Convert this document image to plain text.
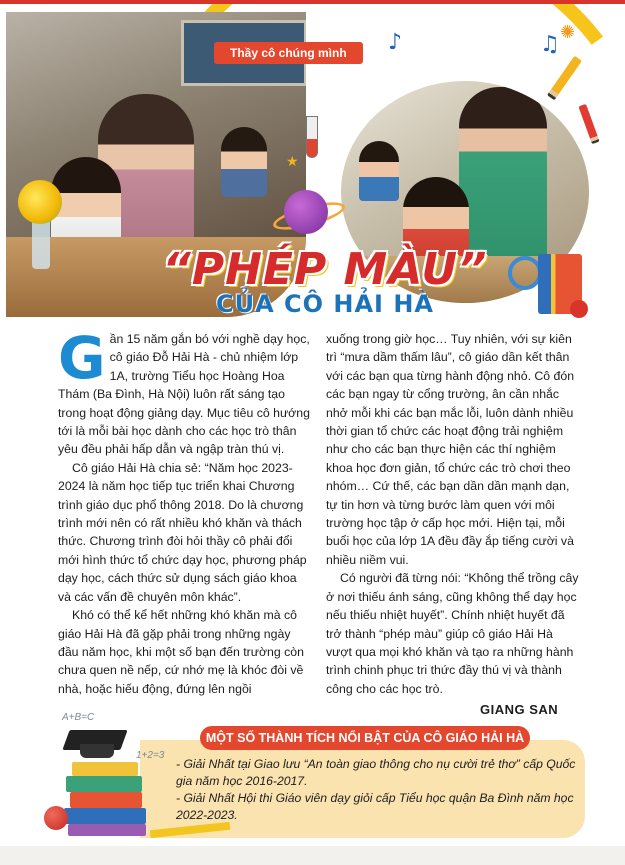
♪	♫ ✺
★
Thầy cô chúng mình
“PHÉP MÀU”
CỦA CÔ HẢI HÀ

Gần 15 năm gắn bó với nghề dạy học, cô giáo Đỗ Hải Hà - chủ nhiệm lớp 1A, trường Tiểu học Hoàng Hoa Thám (Ba Đình, Hà Nội) luôn rất sáng tạo trong hoạt động giảng dạy. Mục tiêu cô hướng tới là mỗi bài học dành cho các học trò thân yêu đều phải hấp dẫn và ngập tràn thú vị.

Cô giáo Hải Hà chia sẻ: “Năm học 2023-2024 là năm học tiếp tục triển khai Chương trình giáo dục phổ thông 2018. Do là chương trình mới nên có rất nhiều khó khăn và thách thức. Chương trình đòi hỏi thầy cô phải đổi mới hình thức tổ chức dạy học, phương pháp dạy học, cách thức sử dụng sách giáo khoa và các vấn đề chuyên môn khác”.

Khó có thể kể hết những khó khăn mà cô giáo Hải Hà đã gặp phải trong những ngày đầu năm học, khi một số bạn đến trường còn chưa quen nề nếp, cứ nhớ mẹ là khóc đòi về nhà, hoặc hiếu động, đứng lên ngồi

xuống trong giờ học… Tuy nhiên, với sự kiên trì “mưa dầm thấm lâu”, cô giáo dần kết thân với các bạn qua từng hành động nhỏ. Cô đón các bạn ngay từ cổng trường, ân cần nhắc nhở mỗi khi các bạn mắc lỗi, luôn dành nhiều thời gian tổ chức các hoạt động trải nghiệm như cho các bạn thực hiện các thí nghiệm khoa học đơn giản, tổ chức các trò chơi theo nhóm… Cứ thế, các bạn dần dần mạnh dạn, tự tin hơn và từng bước làm quen với môi trường học tập ở cấp học mới. Hiện tại, mỗi buổi học của lớp 1A đều đầy ắp tiếng cười và nhiều niềm vui.

Có người đã từng nói: “Không thể trồng cây ở nơi thiếu ánh sáng, cũng không thể dạy học nếu thiếu nhiệt huyết”. Chính nhiệt huyết đã trở thành “phép màu” giúp cô giáo Hải Hà vượt qua mọi khó khăn và tạo ra những hành trình chinh phục tri thức đầy thú vị và thành công cho các học trò.

GIANG SAN
MỘT SỐ THÀNH TÍCH NỔI BẬT CỦA CÔ GIÁO HẢI HÀ

- Giải Nhất tại Giao lưu “An toàn giao thông cho nụ cười trẻ thơ” cấp Quốc gia năm học 2016-2017.

- Giải Nhất Hội thi Giáo viên dạy giỏi cấp Tiểu học quận Ba Đình năm học 2022-2023.

A+B=C
1+2=3
